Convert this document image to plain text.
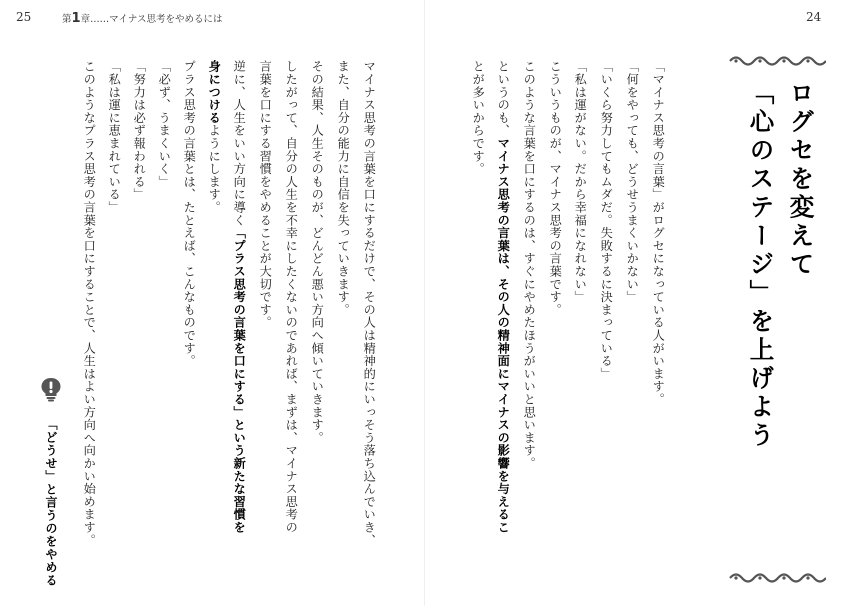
25	第1章……マイナス思考をやめるには	24
ログセを変えて
「心のステージ」を上げよう
「マイナス思考の言葉」がログセになっている人がいます。
「何をやっても、どうせうまくいかない」
「いくら努力してもムダだ。失敗するに決まっている」
「私は運がない。だから幸福になれない」
こういうものが、マイナス思考の言葉です。
このような言葉を口にするのは、すぐにやめたほうがいいと思います。
というのも、マイナス思考の言葉は、その人の精神面にマイナスの影響を与えるこ
とが多いからです。
マイナス思考の言葉を口にするだけで、その人は精神的にいっそう落ち込んでいき、
また、自分の能力に自信を失っていきます。
その結果、人生そのものが、どんどん悪い方向へ傾いていきます。
したがって、自分の人生を不幸にしたくないのであれば、まずは、マイナス思考の
言葉を口にする習慣をやめることが大切です。
逆に、人生をいい方向に導く「プラス思考の言葉を口にする」という新たな習慣を
身につけるようにします。
プラス思考の言葉とは、たとえば、こんなものです。
「必ず、うまくいく」
「努力は必ず報われる」
「私は運に恵まれている」
このようなプラス思考の言葉を口にすることで、人生はよい方向へ向かい始めます。
「どうせ」と言うのをやめる
